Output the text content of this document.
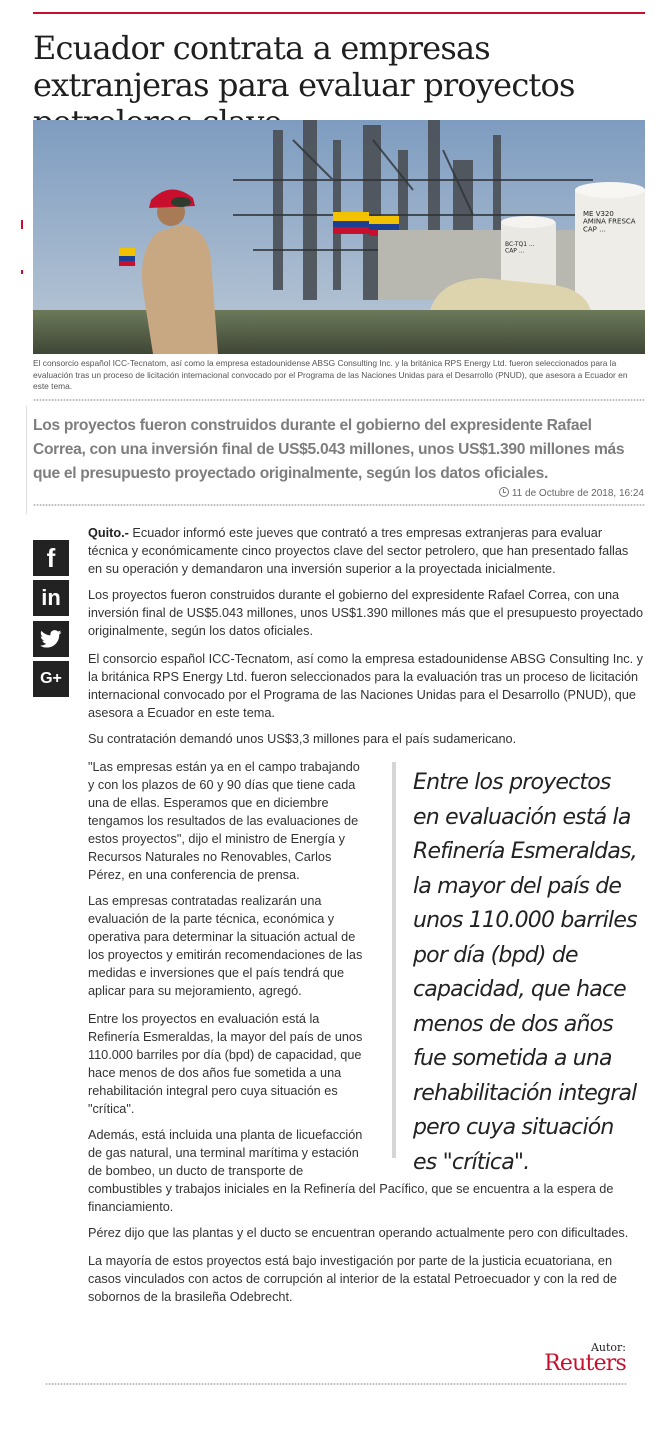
Ecuador contrata a empresas extranjeras para evaluar proyectos
BC-TQ1 ... CAP ...
ME V320 AMINA FRESCA CAP ...
El consorcio español ICC-Tecnatom, así como la empresa estadounidense ABSG Consulting Inc. y la británica RPS Energy Ltd. fueron seleccionados para la evaluación tras un proceso de licitación internacional convocado por el Programa de las Naciones Unidas para el Desarrollo (PNUD), que asesora a Ecuador en este tema.

Los proyectos fueron construidos durante el gobierno del expresidente Rafael Correa, con una inversión final de US$5.043 millones, unos US$1.390 millones más que el presupuesto proyectado originalmente, según los datos oficiales.

11 de Octubre de 2018, 16:24
f
in
G+

Quito.- Ecuador informó este jueves que contrató a tres empresas extranjeras para evaluar técnica y económicamente cinco proyectos clave del sector petrolero, que han presentado fallas en su operación y demandaron una inversión superior a la proyectada inicialmente.

Los proyectos fueron construidos durante el gobierno del expresidente Rafael Correa, con una inversión final de US$5.043 millones, unos US$1.390 millones más que el presupuesto proyectado originalmente, según los datos oficiales.

El consorcio español ICC-Tecnatom, así como la empresa estadounidense ABSG Consulting Inc. y la británica RPS Energy Ltd. fueron seleccionados para la evaluación tras un proceso de licitación internacional convocado por el Programa de las Naciones Unidas para el Desarrollo (PNUD), que asesora a Ecuador en este tema.

Su contratación demandó unos US$3,3 millones para el país sudamericano.

"Las empresas están ya en el campo trabajando y con los plazos de 60 y 90 días que tiene cada una de ellas. Esperamos que en diciembre tengamos los resultados de las evaluaciones de estos proyectos", dijo el ministro de Energía y Recursos Naturales no Renovables, Carlos Pérez, en una conferencia de prensa.

Las empresas contratadas realizarán una evaluación de la parte técnica, económica y operativa para determinar la situación actual de los proyectos y emitirán recomendaciones de las medidas e inversiones que el país tendrá que aplicar para su mejoramiento, agregó.

Entre los proyectos en evaluación está la Refinería Esmeraldas, la mayor del país de unos 110.000 barriles por día (bpd) de capacidad, que hace menos de dos años fue sometida a una rehabilitación integral pero cuya situación es "crítica".

Además, está incluida una planta de licuefacción de gas natural, una terminal marítima y estación de bombeo, un ducto de transporte de

combustibles y trabajos iniciales en la Refinería del Pacífico, que se encuentra a la espera de financiamiento.

Pérez dijo que las plantas y el ducto se encuentran operando actualmente pero con dificultades.

La mayoría de estos proyectos está bajo investigación por parte de la justicia ecuatoriana, en casos vinculados con actos de corrupción al interior de la estatal Petroecuador y con la red de sobornos de la brasileña Odebrecht.

Entre los proyectos en evaluación está la Refinería Esmeraldas, la mayor del país de unos 110.000 barriles por día (bpd) de capacidad, que hace menos de dos años fue sometida a una rehabilitación integral pero cuya situación es "crítica".
Autor:
Reuters
